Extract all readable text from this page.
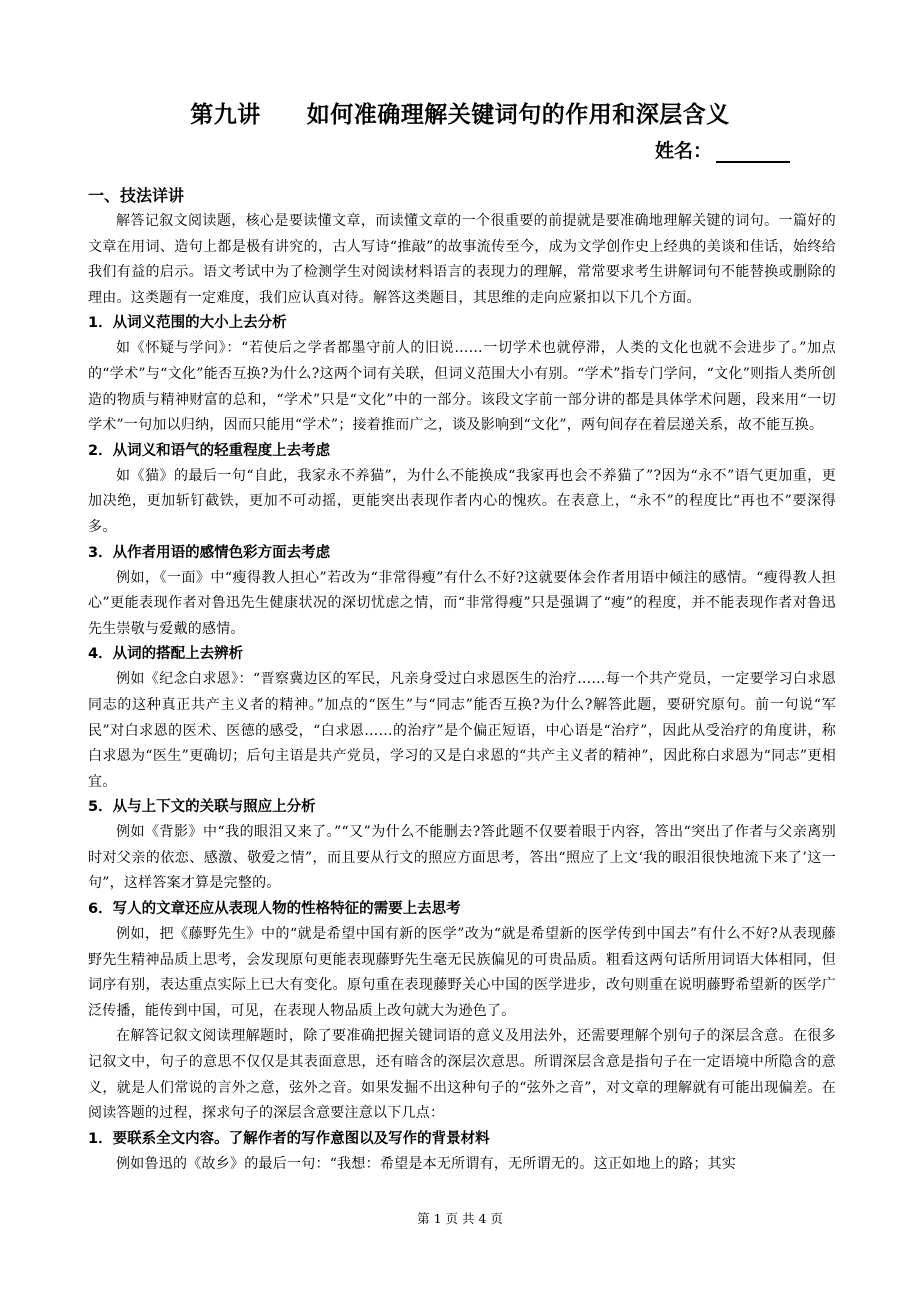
第九讲 如何准确理解关键词句的作用和深层含义
姓名：
一、技法详讲

解答记叙文阅读题，核心是要读懂文章，而读懂文章的一个很重要的前提就是要准确地理解关键的词句。一篇好的文章在用词、造句上都是极有讲究的，古人写诗“推敲”的故事流传至今，成为文学创作史上经典的美谈和佳话，始终给我们有益的启示。语文考试中为了检测学生对阅读材料语言的表现力的理解，常常要求考生讲解词句不能替换或删除的理由。这类题有一定难度，我们应认真对待。解答这类题目，其思维的走向应紧扣以下几个方面。

1．从词义范围的大小上去分析

如《怀疑与学问》：“若使后之学者都墨守前人的旧说……一切学术也就停滞，人类的文化也就不会进步了。”加点的“学术”与“文化”能否互换?为什么?这两个词有关联，但词义范围大小有别。“学术”指专门学问，“文化”则指人类所创造的物质与精神财富的总和，“学术”只是“文化”中的一部分。该段文字前一部分讲的都是具体学术问题，段来用“一切学术”一句加以归纳，因而只能用“学术”；接着推而广之，谈及影响到“文化”，两句间存在着层递关系，故不能互换。

2．从词义和语气的轻重程度上去考虑

如《猫》的最后一句“自此，我家永不养猫”，为什么不能换成“我家再也会不养猫了”?因为“永不”语气更加重，更加决绝，更加斩钉截铁，更加不可动摇，更能突出表现作者内心的愧疚。在表意上，“永不”的程度比“再也不”要深得多。

3．从作者用语的感情色彩方面去考虑

例如，《一面》中“瘦得教人担心”若改为“非常得瘦”有什么不好?这就要体会作者用语中倾注的感情。“瘦得教人担心”更能表现作者对鲁迅先生健康状况的深切忧虑之情，而“非常得瘦”只是强调了“瘦”的程度，并不能表现作者对鲁迅先生崇敬与爱戴的感情。

4．从词的搭配上去辨析

例如《纪念白求恩》：“晋察冀边区的军民，凡亲身受过白求恩医生的治疗……每一个共产党员，一定要学习白求恩同志的这种真正共产主义者的精神。”加点的“医生”与“同志”能否互换?为什么?解答此题，要研究原句。前一句说“军民”对白求恩的医术、医德的感受，“白求恩……的治疗”是个偏正短语，中心语是“治疗”，因此从受治疗的角度讲，称白求恩为“医生”更确切；后句主语是共产党员，学习的又是白求恩的“共产主义者的精神”，因此称白求恩为“同志”更相宜。

5．从与上下文的关联与照应上分析

例如《背影》中“我的眼泪又来了。”“又”为什么不能删去?答此题不仅要着眼于内容，答出“突出了作者与父亲离别时对父亲的依恋、感激、敬爱之情”，而且要从行文的照应方面思考，答出“照应了上文‘我的眼泪很快地流下来了’这一句”，这样答案才算是完整的。

6．写人的文章还应从表现人物的性格特征的需要上去思考

例如，把《藤野先生》中的“就是希望中国有新的医学”改为“就是希望新的医学传到中国去”有什么不好?从表现藤野先生精神品质上思考，会发现原句更能表现藤野先生毫无民族偏见的可贵品质。粗看这两句话所用词语大体相同，但词序有别，表达重点实际上已大有变化。原句重在表现藤野关心中国的医学进步，改句则重在说明藤野希望新的医学广泛传播，能传到中国，可见，在表现人物品质上改句就大为逊色了。

在解答记叙文阅读理解题时，除了要准确把握关键词语的意义及用法外，还需要理解个别句子的深层含意。在很多记叙文中，句子的意思不仅仅是其表面意思，还有暗含的深层次意思。所谓深层含意是指句子在一定语境中所隐含的意义，就是人们常说的言外之意，弦外之音。如果发掘不出这种句子的“弦外之音”，对文章的理解就有可能出现偏差。在阅读答题的过程，探求句子的深层含意要注意以下几点：

1．要联系全文内容。了解作者的写作意图以及写作的背景材料

例如鲁迅的《故乡》的最后一句：“我想：希望是本无所谓有，无所谓无的。这正如地上的路；其实

第 1 页 共 4 页
